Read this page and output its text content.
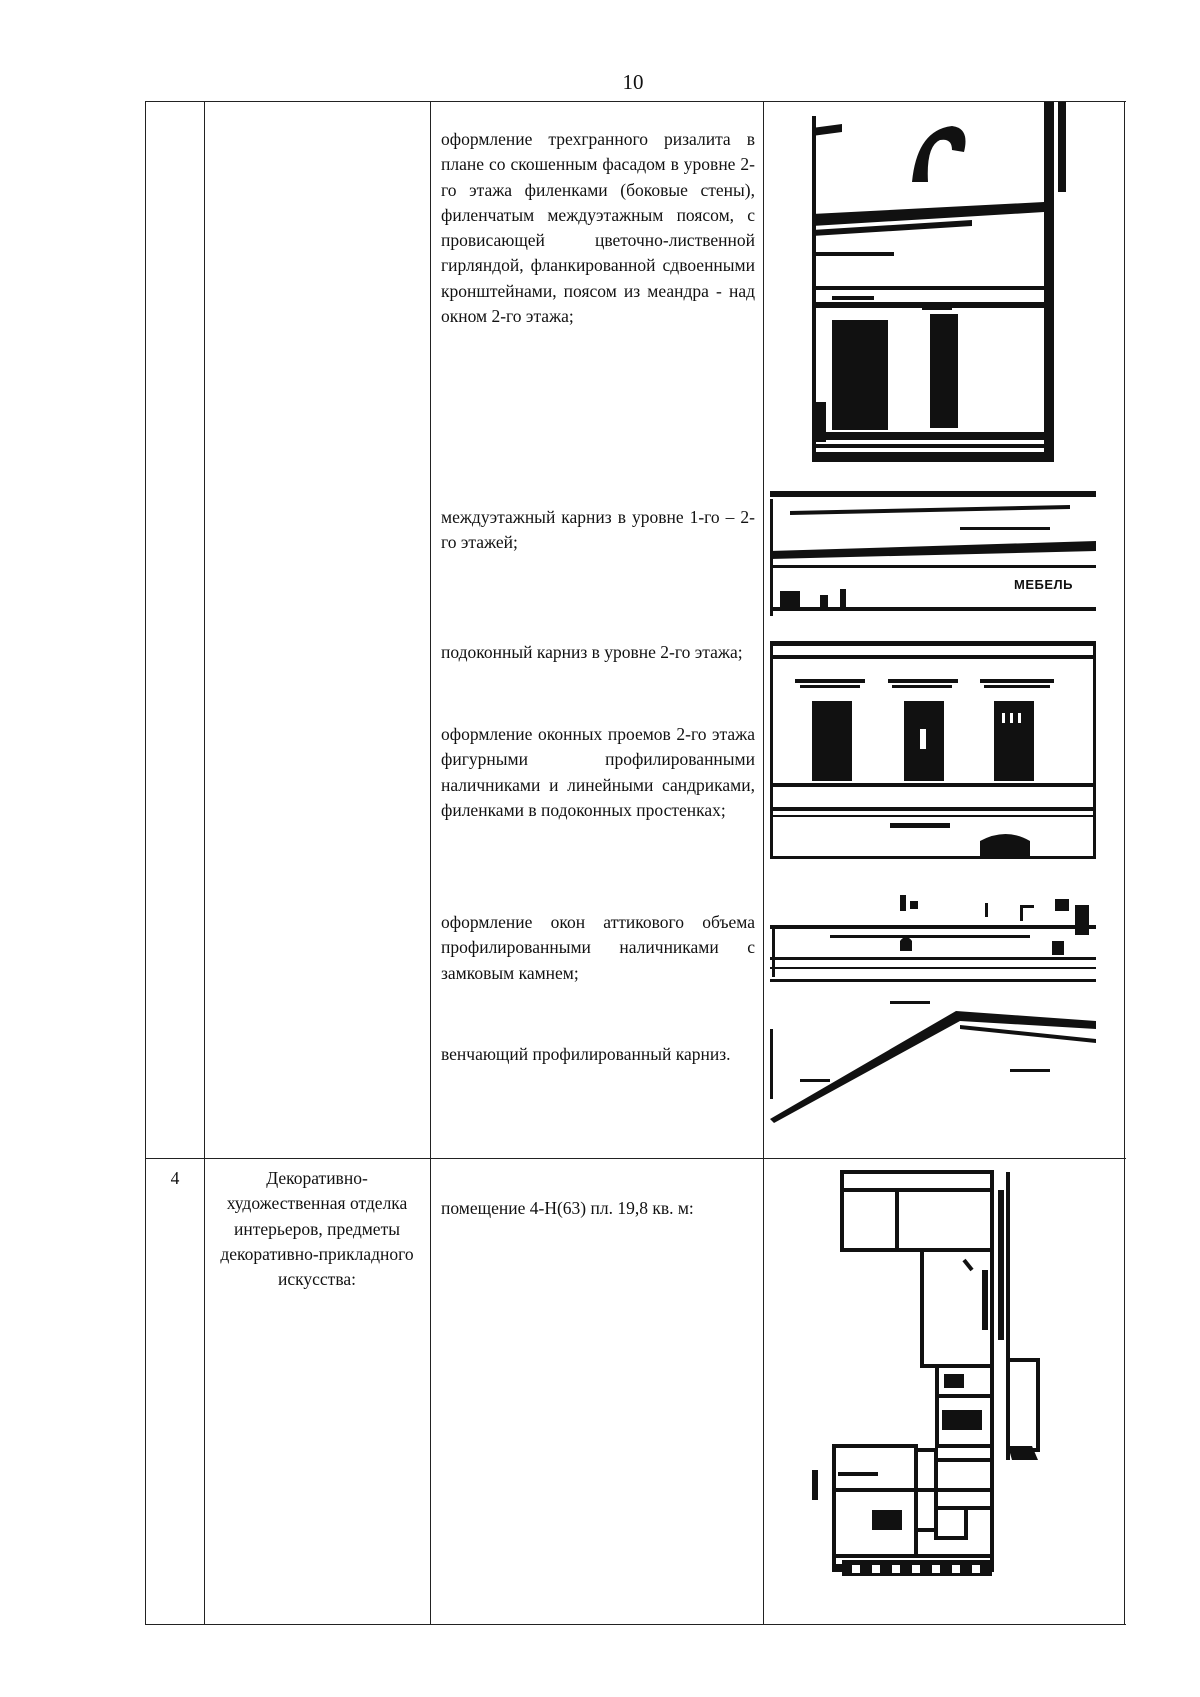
10
оформление трехгранного ризалита в плане со скошенным фасадом в уровне 2-го этажа филенками (боковые стены), филенчатым междуэтажным поясом, с провисающей цветочно-лиственной гирляндой, фланкированной сдвоенными кронштейнами, поясом из меандра - над окном 2-го этажа;
междуэтажный карниз в уровне 1-го – 2-го этажей;
подоконный карниз в уровне 2-го этажа;
оформление оконных проемов 2-го этажа фигурными профилированными наличниками и линейными сандриками, филенками в подоконных простенках;
оформление окон аттикового объема профилированными наличниками с замковым камнем;
венчающий профилированный карниз.
МЕБЕЛЬ
4	Декоративно-художественная отделка интерьеров, предметы декоративно-прикладного искусства:
помещение 4-Н(63) пл. 19,8 кв. м:
